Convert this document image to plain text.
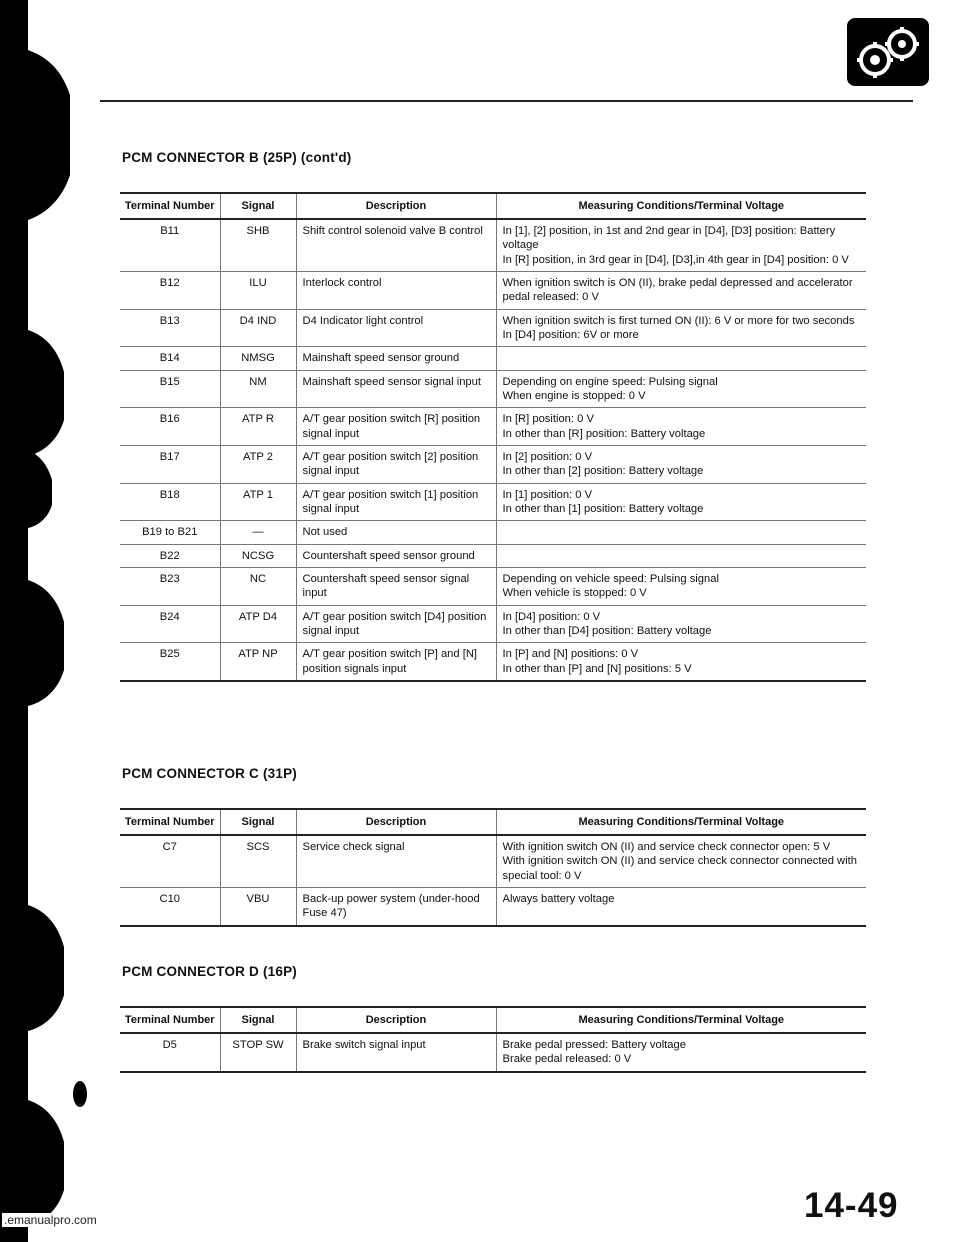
PCM CONNECTOR B (25P) (cont'd)
Terminal Number	Signal	Description	Measuring Conditions/Terminal Voltage
B11	SHB	Shift control solenoid valve B control	In [1], [2] position, in 1st and 2nd gear in [D4], [D3] position: Battery voltage
In [R] position, in 3rd gear in [D4], [D3],in 4th gear in [D4] position: 0 V

B12	ILU	Interlock control	When ignition switch is ON (II), brake pedal depressed and accelerator pedal released: 0 V

B13	D4 IND	D4 Indicator light control	When ignition switch is first turned ON (II): 6 V or more for two seconds
In [D4] position: 6V or more

B14	NMSG	Mainshaft speed sensor ground	

B15	NM	Mainshaft speed sensor signal input	Depending on engine speed: Pulsing signal
When engine is stopped: 0 V

B16	ATP R	A/T gear position switch [R] position signal input	In [R] position: 0 V
In other than [R] position: Battery voltage

B17	ATP 2	A/T gear position switch [2] position signal input	In [2] position: 0 V
In other than [2] position: Battery voltage

B18	ATP 1	A/T gear position switch [1] position signal input	In [1] position: 0 V
In other than [1] position: Battery voltage

B19 to B21	—	Not used	

B22	NCSG	Countershaft speed sensor ground	

B23	NC	Countershaft speed sensor signal input	Depending on vehicle speed: Pulsing signal
When vehicle is stopped: 0 V

B24	ATP D4	A/T gear position switch [D4] position signal input	In [D4] position: 0 V
In other than [D4] position: Battery voltage

B25	ATP NP	A/T gear position switch [P] and [N] position signals input	In [P] and [N] positions: 0 V
In other than [P] and [N] positions: 5 V
PCM CONNECTOR C (31P)
Terminal Number	Signal	Description	Measuring Conditions/Terminal Voltage
C7	SCS	Service check signal	With ignition switch ON (II) and service check connector open: 5 V
With ignition switch ON (II) and service check connector connected with special tool: 0 V

C10	VBU	Back-up power system (under-hood Fuse 47)	Always battery voltage
PCM CONNECTOR D (16P)
Terminal Number	Signal	Description	Measuring Conditions/Terminal Voltage
D5	STOP SW	Brake switch signal input	Brake pedal pressed: Battery voltage
Brake pedal released: 0 V
14-49
.emanualpro.com
